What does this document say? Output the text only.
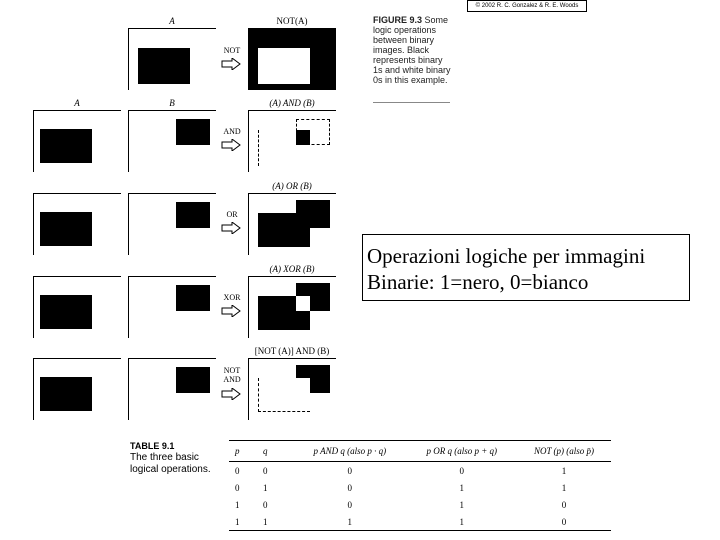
© 2002 R. C. Gonzalez & R. E. Woods
FIGURE 9.3 Some logic operations between binary images. Black represents binary 1s and white binary 0s in this example.
A	NOT(A)
NOT
A	B	(A) AND (B)
AND
(A) OR (B)
OR
(A) XOR (B)
XOR
[NOT (A)] AND (B)
NOT
AND
Operazioni logiche per immagini
Binarie: 1=nero, 0=bianco
TABLE 9.1
The three basic logical operations.
p	q	p AND q (also p · q)	p OR q (also p + q)	NOT (p) (also p̄)
0	0	0	0	1
0	1	0	1	1
1	0	0	1	0
1	1	1	1	0
